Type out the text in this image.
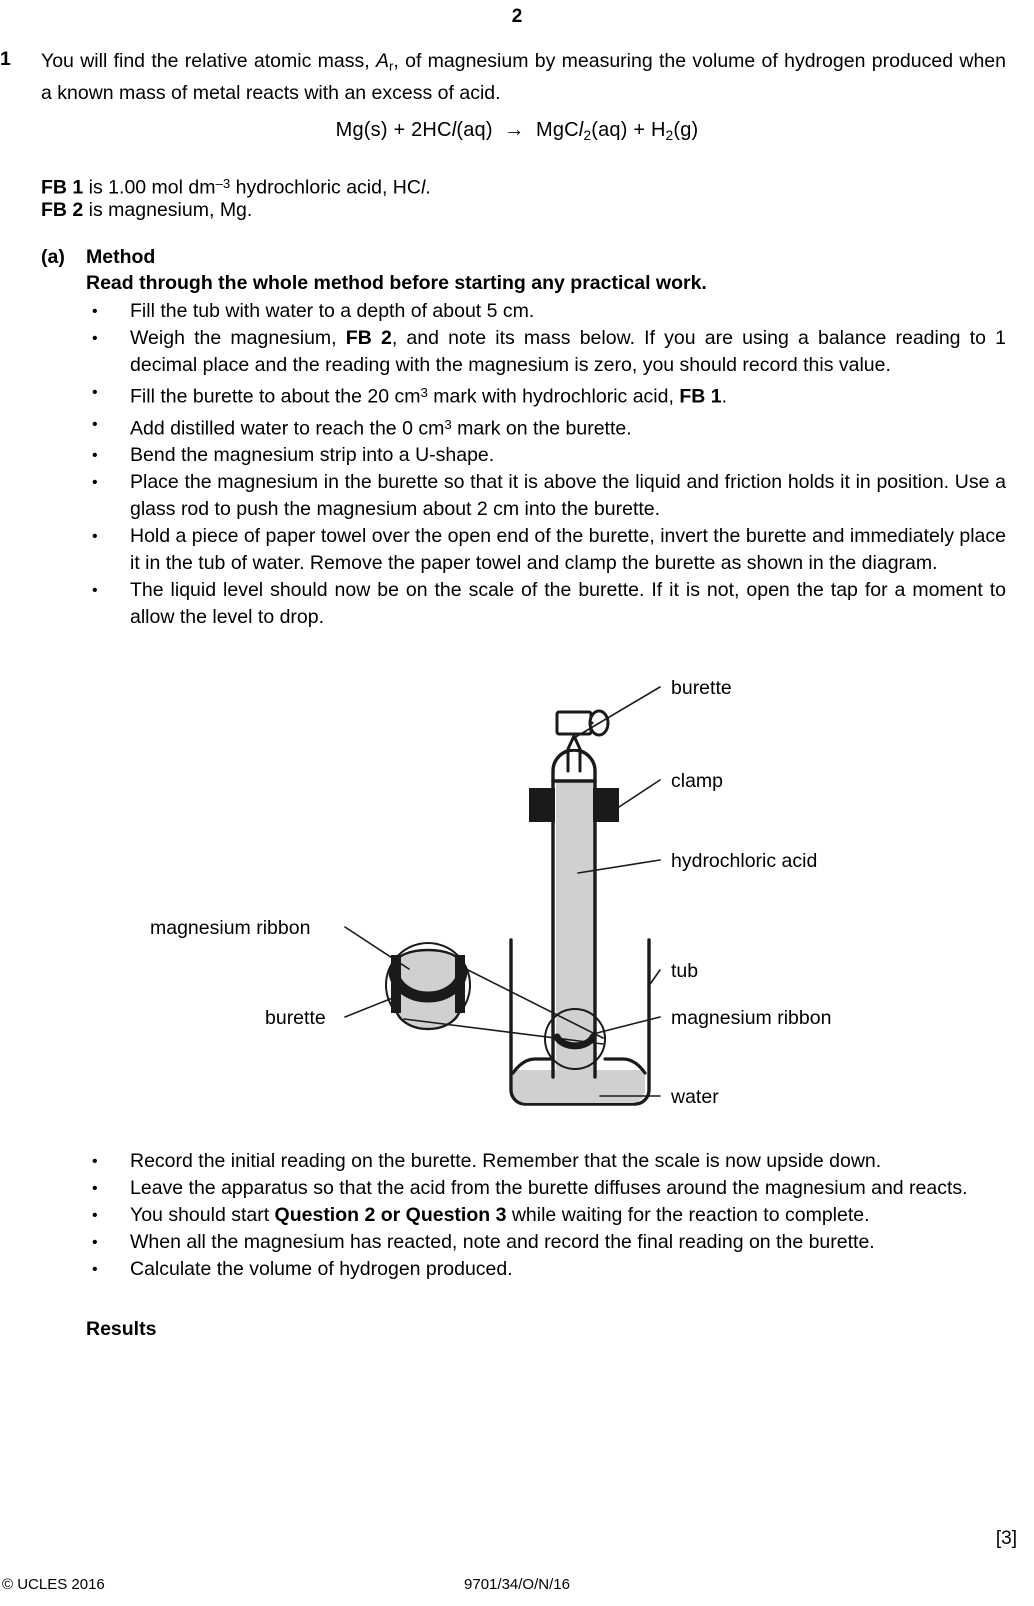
2
1 You will find the relative atomic mass, $A_r$, of magnesium by measuring the volume of hydrogen produced when a known mass of metal reacts with an excess of acid.
Mg(s) + 2HCl(aq) → MgCl$_2$(aq) + $H_2(g)$
FB 1 is 1.00 mol $dm^{-3}$ hydrochloric acid, HCl.
FB 2 is magnesium, Mg.
(a) Method
Read through the whole method before starting any practical work.
• Fill the tub with water to a depth of about 5 cm.
• Weigh the magnesium, FB 2, and note its mass below. If you are using a balance reading to 1 decimal place and the reading with the magnesium is zero, you should record this value.
• Fill the burette to about the 20 $cm^3$ mark with hydrochloric acid, FB 1.
• Add distilled water to reach the 0 $cm^3$ mark on the burette.
• Bend the magnesium strip into a U-shape.
• Place the magnesium in the burette so that it is above the liquid and friction holds it in position. Use a glass rod to push the magnesium about 2 cm into the burette.
• Hold a piece of paper towel over the open end of the burette, invert the burette and immediately place it in the tub of water. Remove the paper towel and clamp the burette as shown in the diagram.
• The liquid level should now be on the scale of the burette. If it is not, open the tap for a moment to allow the level to drop.
burette
clamp
hydrochloric acid
tub
magnesium ribbon
water
magnesium ribbon
burette
• Record the initial reading on the burette. Remember that the scale is now upside down.
• Leave the apparatus so that the acid from the burette diffuses around the magnesium and reacts.
• You should start Question 2 or Question 3 while waiting for the reaction to complete.
• When all the magnesium has reacted, note and record the final reading on the burette.
• Calculate the volume of hydrogen produced.
Results
[3]
© UCLES 2016	9701/34/O/N/16
